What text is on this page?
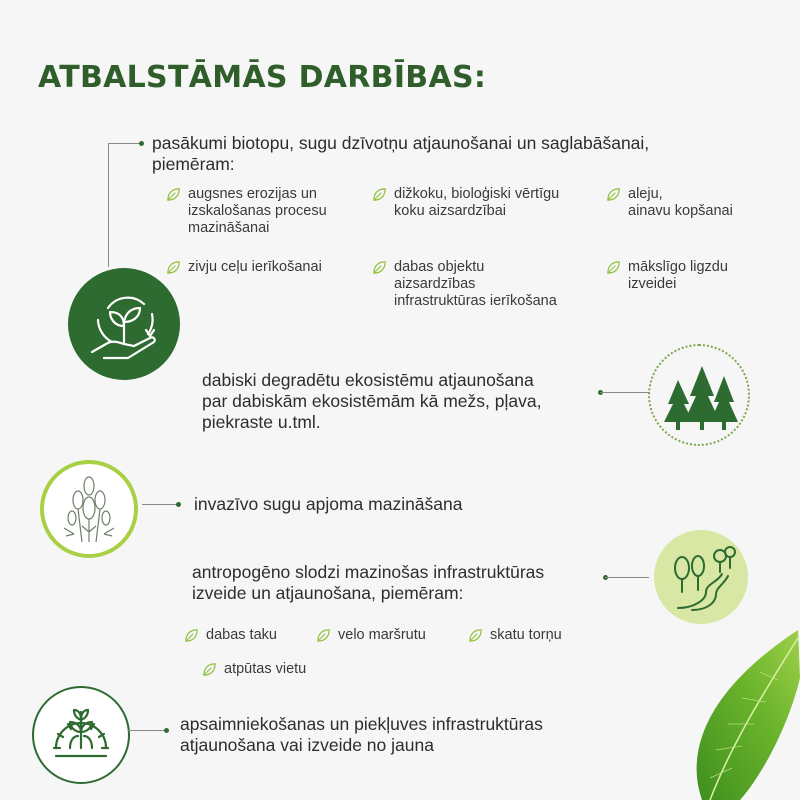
ATBALSTĀMĀS DARBĪBAS:
pasākumi biotopu, sugu dzīvotņu atjaunošanai un saglabāšanai,
piemēram:
augsnes erozijas un
izskalošanas procesu
mazināšanai
dižkoku, bioloģiski vērtīgu
koku aizsardzībai
aleju,
ainavu kopšanai
zivju ceļu ierīkošanai	dabas objektu
aizsardzības
infrastruktūras ierīkošana
mākslīgo ligzdu
izveidei
dabiski degradētu ekosistēmu atjaunošana
par dabiskām ekosistēmām kā mežs, pļava,
piekraste u.tml.
invazīvo sugu apjoma mazināšana
antropogēno slodzi mazinošas infrastruktūras
izveide un atjaunošana, piemēram:
dabas taku	velo maršrutu	skatu torņu
atpūtas vietu
apsaimniekošanas un piekļuves infrastruktūras
atjaunošana vai izveide no jauna
